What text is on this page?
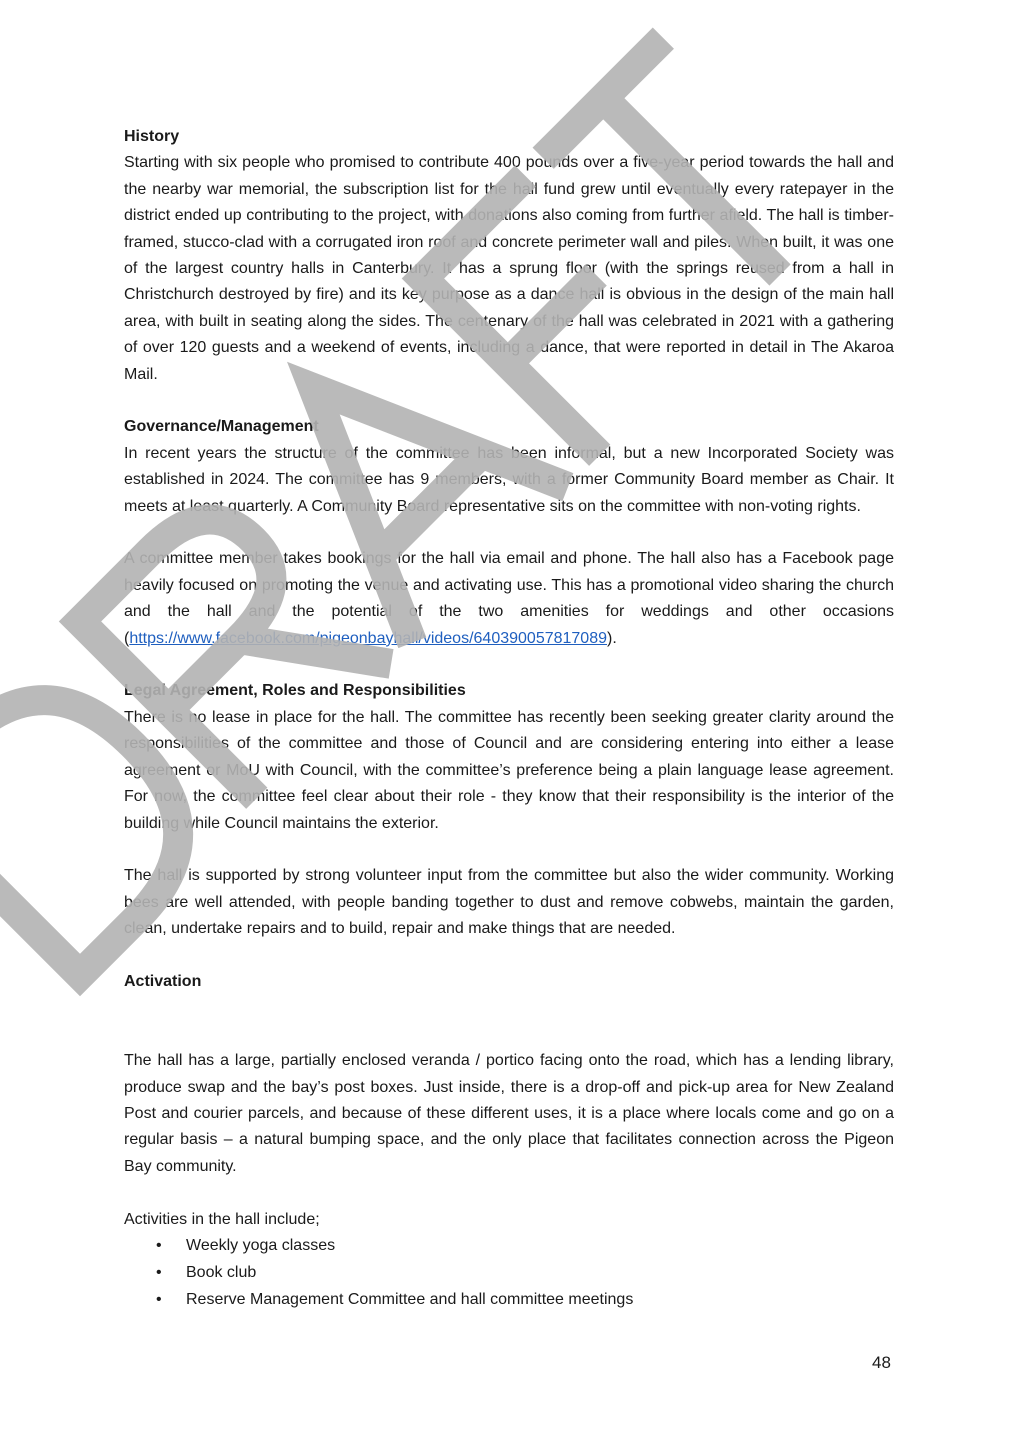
History

Starting with six people who promised to contribute 400 pounds over a five-year period towards the hall and the nearby war memorial, the subscription list for the hall fund grew until eventually every ratepayer in the district ended up contributing to the project, with donations also coming from further afield. The hall is timber-framed, stucco-clad with a corrugated iron roof and concrete perimeter wall and piles. When built, it was one of the largest country halls in Canterbury. It has a sprung floor (with the springs reused from a hall in Christchurch destroyed by fire) and its key purpose as a dance hall is obvious in the design of the main hall area, with built in seating along the sides. The centenary of the hall was celebrated in 2021 with a gathering of over 120 guests and a weekend of events, including a dance, that were reported in detail in The Akaroa Mail.

Governance/Management

In recent years the structure of the committee has been informal, but a new Incorporated Society was established in 2024. The committee has 9 members, with a former Community Board member as Chair. It meets at least quarterly. A Community Board representative sits on the committee with non-voting rights.

A committee member takes bookings for the hall via email and phone. The hall also has a Facebook page heavily focused on promoting the venue and activating use. This has a promotional video sharing the church and the hall and the potential of the two amenities for weddings and other occasions (https://www.facebook.com/pigeonbayhall/videos/640390057817089).

Legal Agreement, Roles and Responsibilities

There is no lease in place for the hall. The committee has recently been seeking greater clarity around the responsibilities of the committee and those of Council and are considering entering into either a lease agreement or MoU with Council, with the committee’s preference being a plain language lease agreement. For now, the committee feel clear about their role - they know that their responsibility is the interior of the building while Council maintains the exterior.

The hall is supported by strong volunteer input from the committee but also the wider community. Working bees are well attended, with people banding together to dust and remove cobwebs, maintain the garden, clean, undertake repairs and to build, repair and make things that are needed.

Activation

The hall has a large, partially enclosed veranda / portico facing onto the road, which has a lending library, produce swap and the bay’s post boxes. Just inside, there is a drop-off and pick-up area for New Zealand Post and courier parcels, and because of these different uses, it is a place where locals come and go on a regular basis – a natural bumping space, and the only place that facilitates connection across the Pigeon Bay community.

Activities in the hall include;

• Weekly yoga classes
• Book club
• Reserve Management Committee and hall committee meetings
48
